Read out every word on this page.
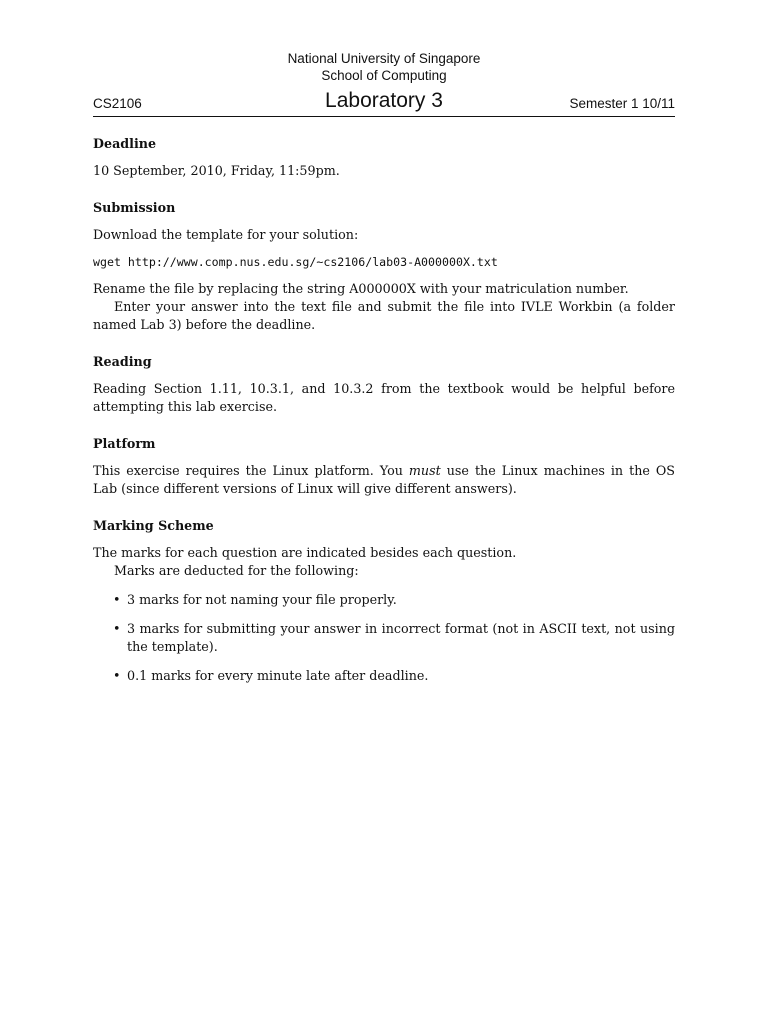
National University of Singapore
School of Computing
CS2106	Laboratory 3	Semester 1 10/11
Deadline

10 September, 2010, Friday, 11:59pm.

Submission

Download the template for your solution:

wget http://www.comp.nus.edu.sg/~cs2106/lab03-A000000X.txt

Rename the file by replacing the string A000000X with your matriculation number.

Enter your answer into the text file and submit the file into IVLE Workbin (a folder named Lab 3) before the deadline.

Reading

Reading Section 1.11, 10.3.1, and 10.3.2 from the textbook would be helpful before attempting this lab exercise.

Platform

This exercise requires the Linux platform. You must use the Linux machines in the OS Lab (since different versions of Linux will give different answers).

Marking Scheme

The marks for each question are indicated besides each question.

Marks are deducted for the following:

• 3 marks for not naming your file properly.
• 3 marks for submitting your answer in incorrect format (not in ASCII text, not using the template).
• 0.1 marks for every minute late after deadline.
